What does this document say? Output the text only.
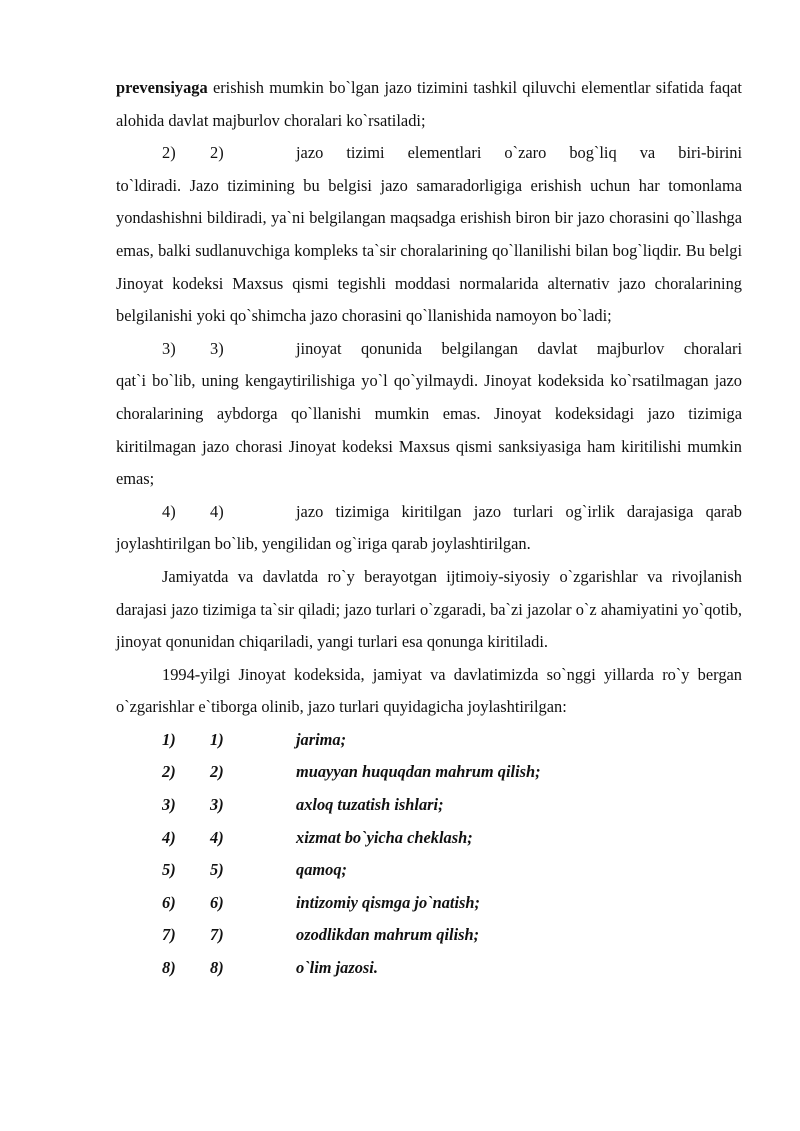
prevensiyaga erishish mumkin bo`lgan jazo tizimini tashkil qiluvchi elementlar sifatida faqat alohida davlat majburlov choralari ko`rsatiladi;

2) 2)	jazo tizimi elementlari o`zaro bog`liq va biri-birini
to`ldiradi. Jazo tizimining bu belgisi jazo samaradorligiga erishish uchun har tomonlama yondashishni bildiradi, ya`ni belgilangan maqsadga erishish biron bir jazo chorasini qo`llashga emas, balki sudlanuvchiga kompleks ta`sir choralarining qo`llanilishi bilan bog`liqdir. Bu belgi Jinoyat kodeksi Maxsus qismi tegishli moddasi normalarida alternativ jazo choralarining belgilanishi yoki qo`shimcha jazo chorasini qo`llanishida namoyon bo`ladi;
3) 3)	jinoyat qonunida belgilangan davlat majburlov choralari
qat`i bo`lib, uning kengaytirilishiga yo`l qo`yilmaydi. Jinoyat kodeksida ko`rsatilmagan jazo choralarining aybdorga qo`llanishi mumkin emas. Jinoyat kodeksidagi jazo tizimiga kiritilmagan jazo chorasi Jinoyat kodeksi Maxsus qismi sanksiyasiga ham kiritilishi mumkin emas;
4) 4)	jazo tizimiga kiritilgan jazo turlari og`irlik darajasiga qarab
joylashtirilgan bo`lib, yengilidan og`iriga qarab joylashtirilgan.

Jamiyatda va davlatda ro`y berayotgan ijtimoiy-siyosiy o`zgarishlar va rivojlanish darajasi jazo tizimiga ta`sir qiladi; jazo turlari o`zgaradi, ba`zi jazolar o`z ahamiyatini yo`qotib, jinoyat qonunidan chiqariladi, yangi turlari esa qonunga kiritiladi.

1994-yilgi Jinoyat kodeksida, jamiyat va davlatimizda so`nggi yillarda ro`y bergan o`zgarishlar e`tiborga olinib, jazo turlari quyidagicha joylashtirilgan:

1) 1)	jarima;
2) 2)	muayyan huquqdan mahrum qilish;
3) 3)	axloq tuzatish ishlari;
4) 4)	xizmat bo`yicha cheklash;
5) 5)	qamoq;
6) 6)	intizomiy qismga jo`natish;
7) 7)	ozodlikdan mahrum qilish;
8) 8)	o`lim jazosi.
